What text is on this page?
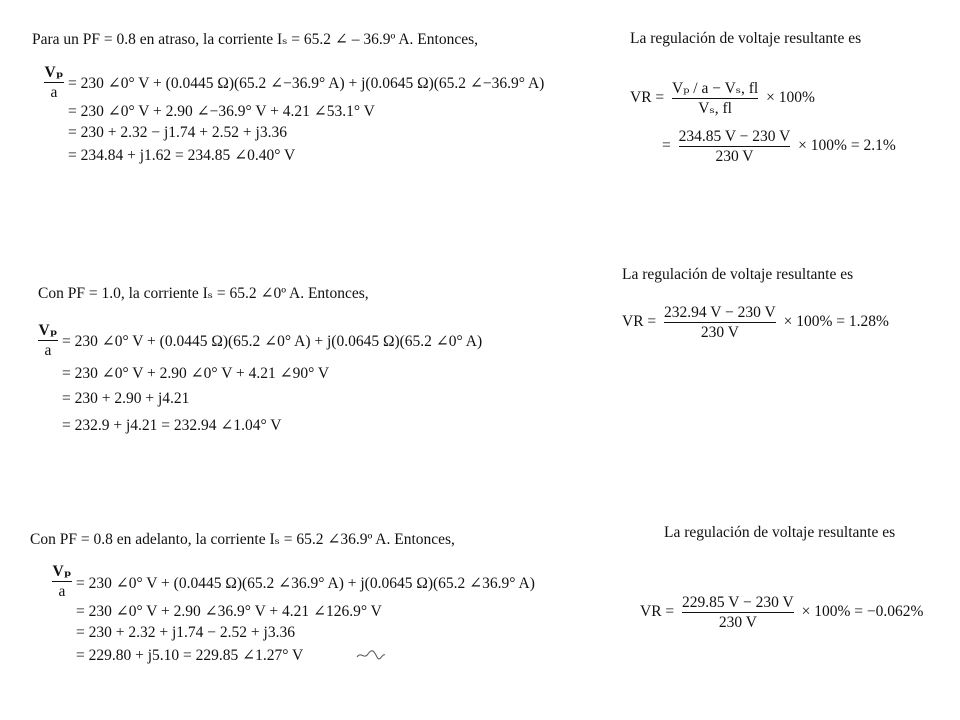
Para un PF = 0.8 en atraso, la corriente Iₛ = 65.2 ∠ – 36.9º A. Entonces,
$\frac{\text{Vₚ}}{a} = 230$ ∠0° V + (0.0445 Ω)(65.2 ∠−36.9° A) + j(0.0645 Ω)(65.2 ∠−36.9° A)
= 230 ∠0° V + 2.90 ∠−36.9° V + 4.21 ∠53.1° V
= 230 + 2.32 − j1.74 + 2.52 + j3.36
= 234.84 + j1.62 = 234.85 ∠0.40° V
La regulación de voltaje resultante es
VR = $\frac{\text{Vₚ / a − Vₛ, fl}}{\text{Vₛ, fl}} \times 100\%$
= $\frac{234.85 V - 230 V}{230 V} \times 100\% = 2.1\%$
Con PF = 1.0, la corriente Iₛ = 65.2 ∠0º A. Entonces,
$\frac{\text{Vₚ}}{a} = 230$ ∠0° V + (0.0445 Ω)(65.2 ∠0° A) + j(0.0645 Ω)(65.2 ∠0° A)
= 230 ∠0° V + 2.90 ∠0° V + 4.21 ∠90° V
= 230 + 2.90 + j4.21
= 232.9 + j4.21 = 232.94 ∠1.04° V
La regulación de voltaje resultante es
VR = $\frac{232.94 V - 230 V}{230 V} \times 100\% = 1.28\%$
Con PF = 0.8 en adelanto, la corriente Iₛ = 65.2 ∠36.9º A. Entonces,
$\frac{\text{Vₚ}}{a} = 230$ ∠0° V + (0.0445 Ω)(65.2 ∠36.9° A) + j(0.0645 Ω)(65.2 ∠36.9° A)
= 230 ∠0° V + 2.90 ∠36.9° V + 4.21 ∠126.9° V
= 230 + 2.32 + j1.74 − 2.52 + j3.36
= 229.80 + j5.10 = 229.85 ∠1.27° V
La regulación de voltaje resultante es
VR = $\frac{229.85 V - 230 V}{230 V} \times 100\% = -0.062\%$
